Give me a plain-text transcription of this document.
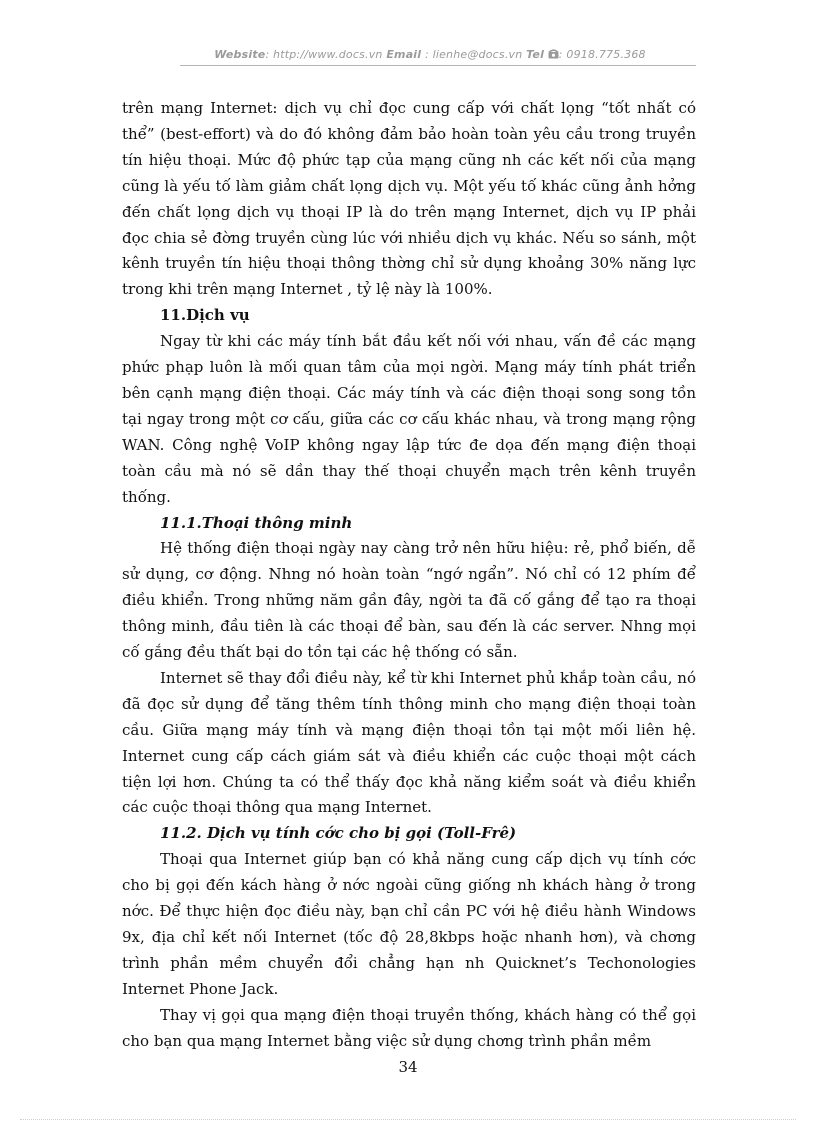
Website: http://www.docs.vn Email : lienhe@docs.vn Tel : 0918.775.368

trên mạng Internet: dịch vụ chỉ đọc cung cấp với chất lọng “tốt nhất có thể” (best-effort) và do đó không đảm bảo hoàn toàn yêu cầu trong truyền tín hiệu thoại. Mức độ phức tạp của mạng cũng nh các kết nối của mạng cũng là yếu tố làm giảm chất lọng dịch vụ. Một yếu tố khác cũng ảnh hởng đến chất lọng dịch vụ thoại IP là do trên mạng Internet, dịch vụ IP phải đọc chia sẻ đờng truyền cùng lúc với nhiều dịch vụ khác. Nếu so sánh, một kênh truyền tín hiệu thoại thông thờng chỉ sử dụng khoảng 30% năng lực trong khi trên mạng Internet , tỷ lệ này là 100%.

11.Dịch vụ

Ngay từ khi các máy tính bắt đầu kết nối với nhau, vấn đề các mạng phức phạp luôn là mối quan tâm của mọi ngời. Mạng máy tính phát triển bên cạnh mạng điện thoại. Các máy tính và các điện thoại song song tồn tại ngay trong một cơ cấu, giữa các cơ cấu khác nhau, và trong mạng rộng WAN. Công nghệ VoIP không ngay lập tức đe dọa đến mạng điện thoại toàn cầu mà nó sẽ dần thay thế thoại chuyển mạch trên kênh truyền thống.

11.1.Thoại thông minh

Hệ thống điện thoại ngày nay càng trở nên hữu hiệu: rẻ, phổ biến, dễ sử dụng, cơ động. Nhng nó hoàn toàn “ngớ ngẩn”. Nó chỉ có 12 phím để điều khiển. Trong những năm gần đây, ngời ta đã cố gắng để tạo ra thoại thông minh, đầu tiên là các thoại để bàn, sau đến là các server. Nhng mọi cố gắng đều thất bại do tồn tại các hệ thống có sẵn.

Internet sẽ thay đổi điều này, kể từ khi Internet phủ khắp toàn cầu, nó đã đọc sử dụng để tăng thêm tính thông minh cho mạng điện thoại toàn cầu. Giữa mạng máy tính và mạng điện thoại tồn tại một mối liên hệ. Internet cung cấp cách giám sát và điều khiển các cuộc thoại một cách tiện lợi hơn. Chúng ta có thể thấy đọc khả năng kiểm soát và điều khiển các cuộc thoại thông qua mạng Internet.

11.2. Dịch vụ tính cớc cho bị gọi (Toll-Frê)

Thoại qua Internet giúp bạn có khả năng cung cấp dịch vụ tính cớc cho bị gọi đến kách hàng ở nớc ngoài cũng giống nh khách hàng ở trong nớc. Để thực hiện đọc điều này, bạn chỉ cần PC với hệ điều hành Windows 9x, địa chỉ kết nối Internet (tốc độ 28,8kbps hoặc nhanh hơn), và chơng trình phần mềm chuyển đổi chẳng hạn nh Quicknet’s Techonologies Internet Phone Jack.

Thay vị gọi qua mạng điện thoại truyền thống, khách hàng có thể gọi cho bạn qua mạng Internet bằng việc sử dụng chơng trình phần mềm

34
